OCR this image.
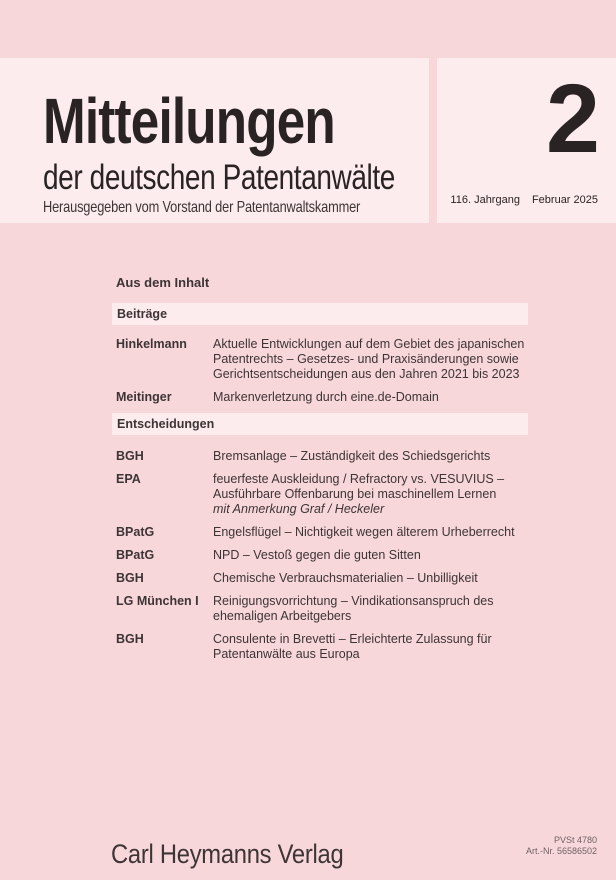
Mitteilungen
der deutschen Patentanwälte
Herausgegeben vom Vorstand der Patentanwaltskammer
2
116. Jahrgang Februar 2025
Aus dem Inhalt
Beiträge
Hinkelmann	Aktuelle Entwicklungen auf dem Gebiet des japanischen Patentrechts – Gesetzes- und Praxisänderungen sowie Gerichtsentscheidungen aus den Jahren 2021 bis 2023
Meitinger	Markenverletzung durch eine.de-Domain
Entscheidungen
BGH	Bremsanlage – Zuständigkeit des Schiedsgerichts
EPA	feuerfeste Auskleidung / Refractory vs. VESUVIUS – Ausführbare Offenbarung bei maschinellem Lernen
mit Anmerkung Graf / Heckeler
BPatG	Engelsflügel – Nichtigkeit wegen älterem Urheberrecht
BPatG	NPD – Vestoß gegen die guten Sitten
BGH	Chemische Verbrauchsmaterialien – Unbilligkeit
LG München I	Reinigungsvorrichtung – Vindikationsanspruch des ehemaligen Arbeitgebers
BGH	Consulente in Brevetti – Erleichterte Zulassung für Patentanwälte aus Europa
Carl Heymanns Verlag	PVSt 4780
Art.-Nr. 56586502
